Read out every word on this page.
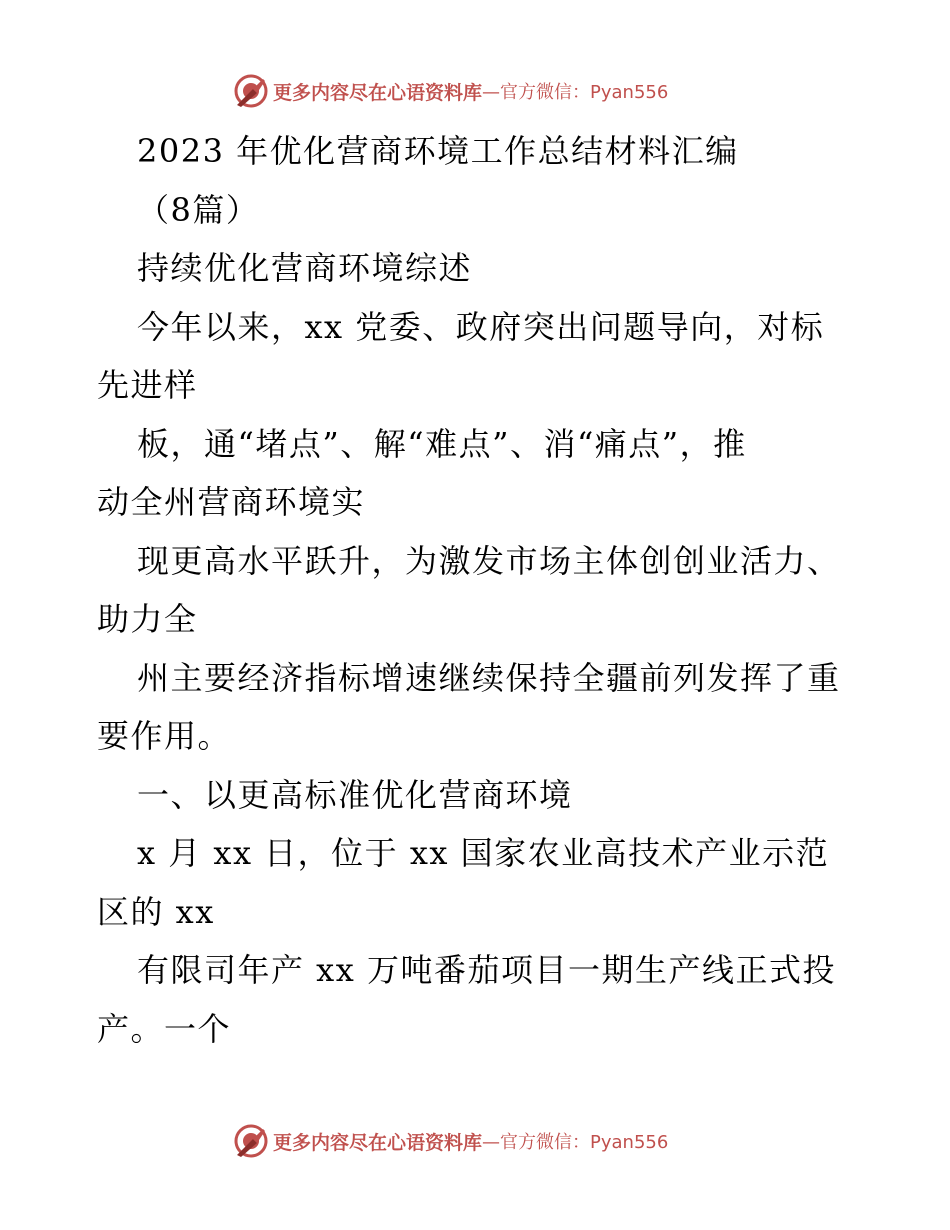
更多内容尽在心语资料库 —官方微信：Pyan556
2023 年优化营商环境工作总结材料汇编
（8篇）
持续优化营商环境综述
今年以来，xx 党委、政府突出问题导向，对标
先进样
板，通“堵点”、解“难点”、消“痛点”，推
动全州营商环境实
现更高水平跃升，为激发市场主体创创业活力、
助力全
州主要经济指标增速继续保持全疆前列发挥了重
要作用。
一、以更高标准优化营商环境
x 月 xx 日，位于 xx 国家农业高技术产业示范
区的 xx
有限司年产 xx 万吨番茄项目一期生产线正式投
产。一个
更多内容尽在心语资料库 —官方微信：Pyan556
